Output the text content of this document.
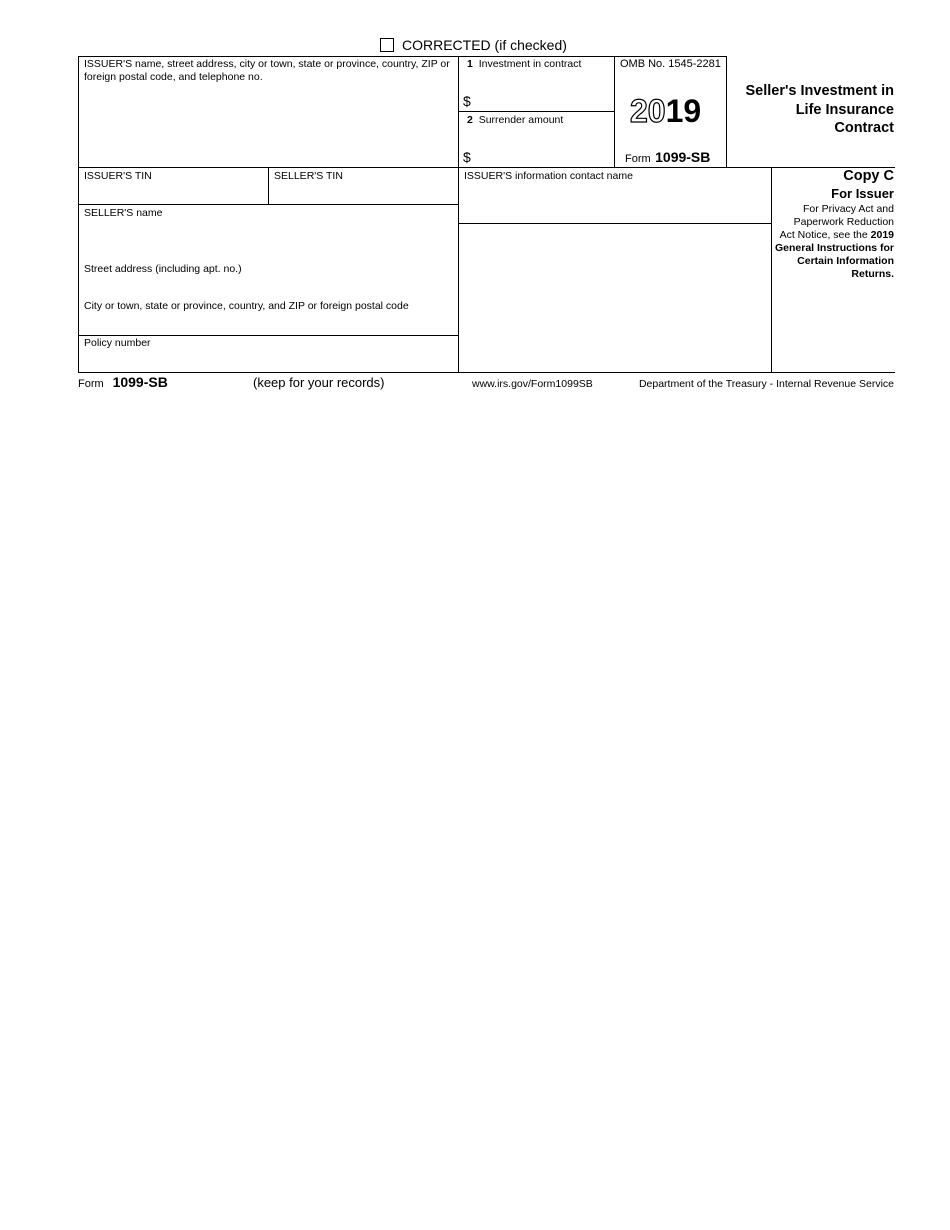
CORRECTED (if checked)
ISSUER'S name, street address, city or town, state or province, country, ZIP or foreign postal code, and telephone no.
1 Investment in contract
$
2 Surrender amount
$
OMB No. 1545-2281
2019
Form 1099-SB
Seller's Investment in
Life Insurance
Contract
ISSUER'S TIN	SELLER'S TIN
SELLER'S name
Street address (including apt. no.)
City or town, state or province, country, and ZIP or foreign postal code
Policy number
ISSUER'S information contact name	Copy C
For Issuer
For Privacy Act and
Paperwork Reduction
Act Notice, see the 2019
General Instructions for
Certain Information
Returns.
Form 1099-SB	(keep for your records)	www.irs.gov/Form1099SB	Department of the Treasury - Internal Revenue Service
